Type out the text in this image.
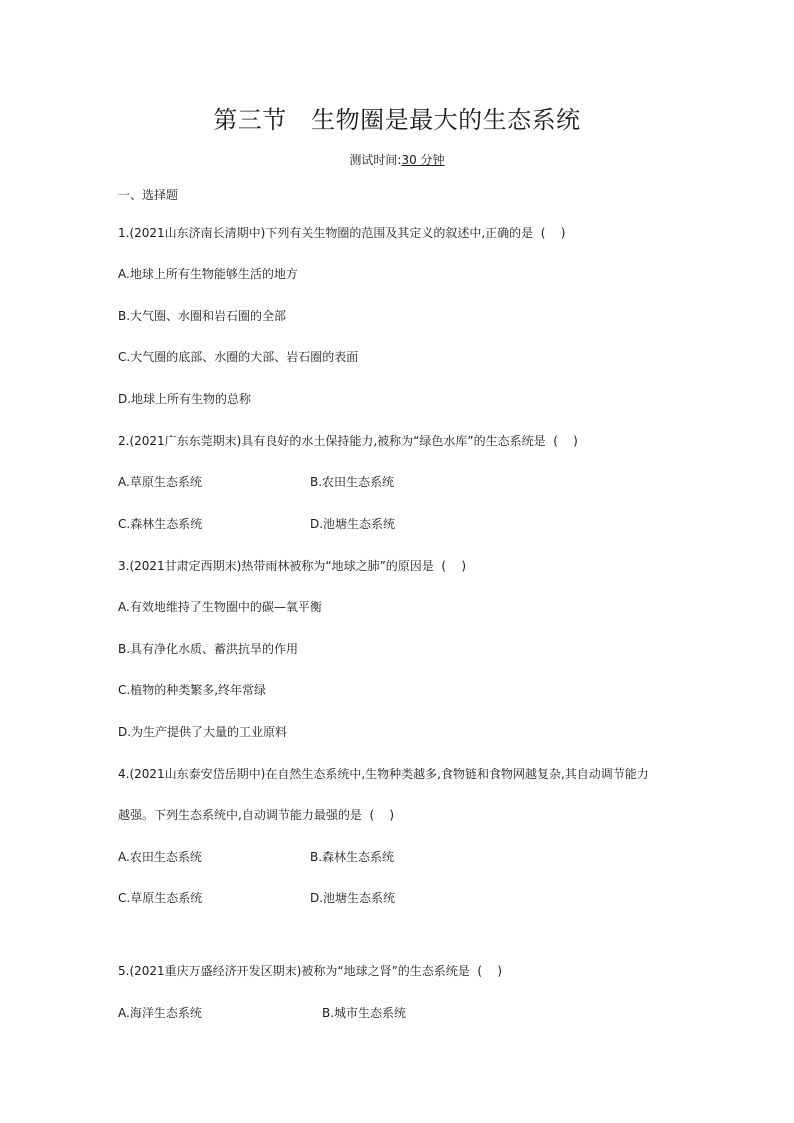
第三节   生物圈是最大的生态系统
测试时间:30 分钟
一、选择题
1.(2021山东济南长清期中)下列有关生物圈的范围及其定义的叙述中,正确的是  (    )
A.地球上所有生物能够生活的地方
B.大气圈、水圈和岩石圈的全部
C.大气圈的底部、水圈的大部、岩石圈的表面
D.地球上所有生物的总称
2.(2021广东东莞期末)具有良好的水土保持能力,被称为“绿色水库”的生态系统是  (    )
A.草原生态系统	B.农田生态系统
C.森林生态系统	D.池塘生态系统
3.(2021甘肃定西期末)热带雨林被称为“地球之肺”的原因是  (    )
A.有效地维持了生物圈中的碳—氧平衡
B.具有净化水质、蓄洪抗旱的作用
C.植物的种类繁多,终年常绿
D.为生产提供了大量的工业原料
4.(2021山东泰安岱岳期中)在自然生态系统中,生物种类越多,食物链和食物网越复杂,其自动调节能力
越强。下列生态系统中,自动调节能力最强的是  (    )
A.农田生态系统	B.森林生态系统
C.草原生态系统	D.池塘生态系统
5.(2021重庆万盛经济开发区期末)被称为“地球之肾”的生态系统是  (    )
A.海洋生态系统	B.城市生态系统
